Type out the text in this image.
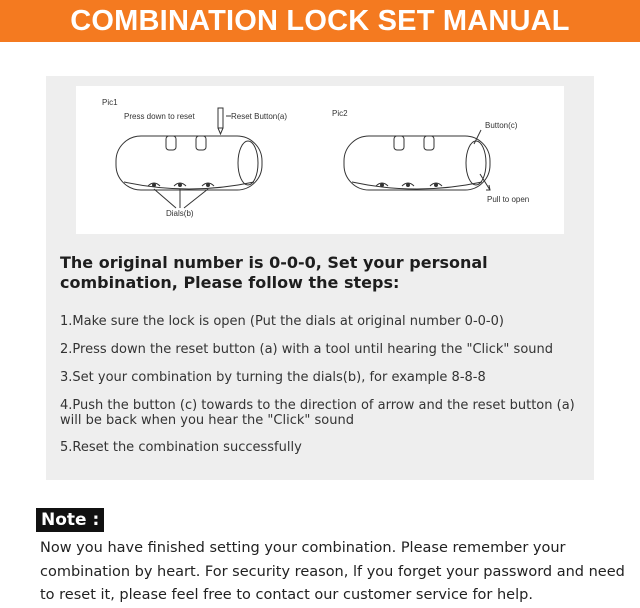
COMBINATION LOCK SET MANUAL
Pic1
Press down to reset	Reset Button(a)
Dials(b)
Pic2
Button(c)
Pull to open
The original number is 0-0-0, Set your personal combination, Please follow the steps:
1.Make sure the lock is open (Put the dials at original number 0-0-0)
2.Press down the reset button (a) with a tool until hearing the "Click" sound
3.Set your combination by turning the dials(b), for example 8-8-8
4.Push the button (c) towards to the direction of arrow and the reset button (a) will be back when you hear the "Click" sound
5.Reset the combination successfully
Note :
Now you have finished setting your combination. Please remember your combination by heart. For security reason, lf you forget your password and need to reset it, please feel free to contact our customer service for help.
